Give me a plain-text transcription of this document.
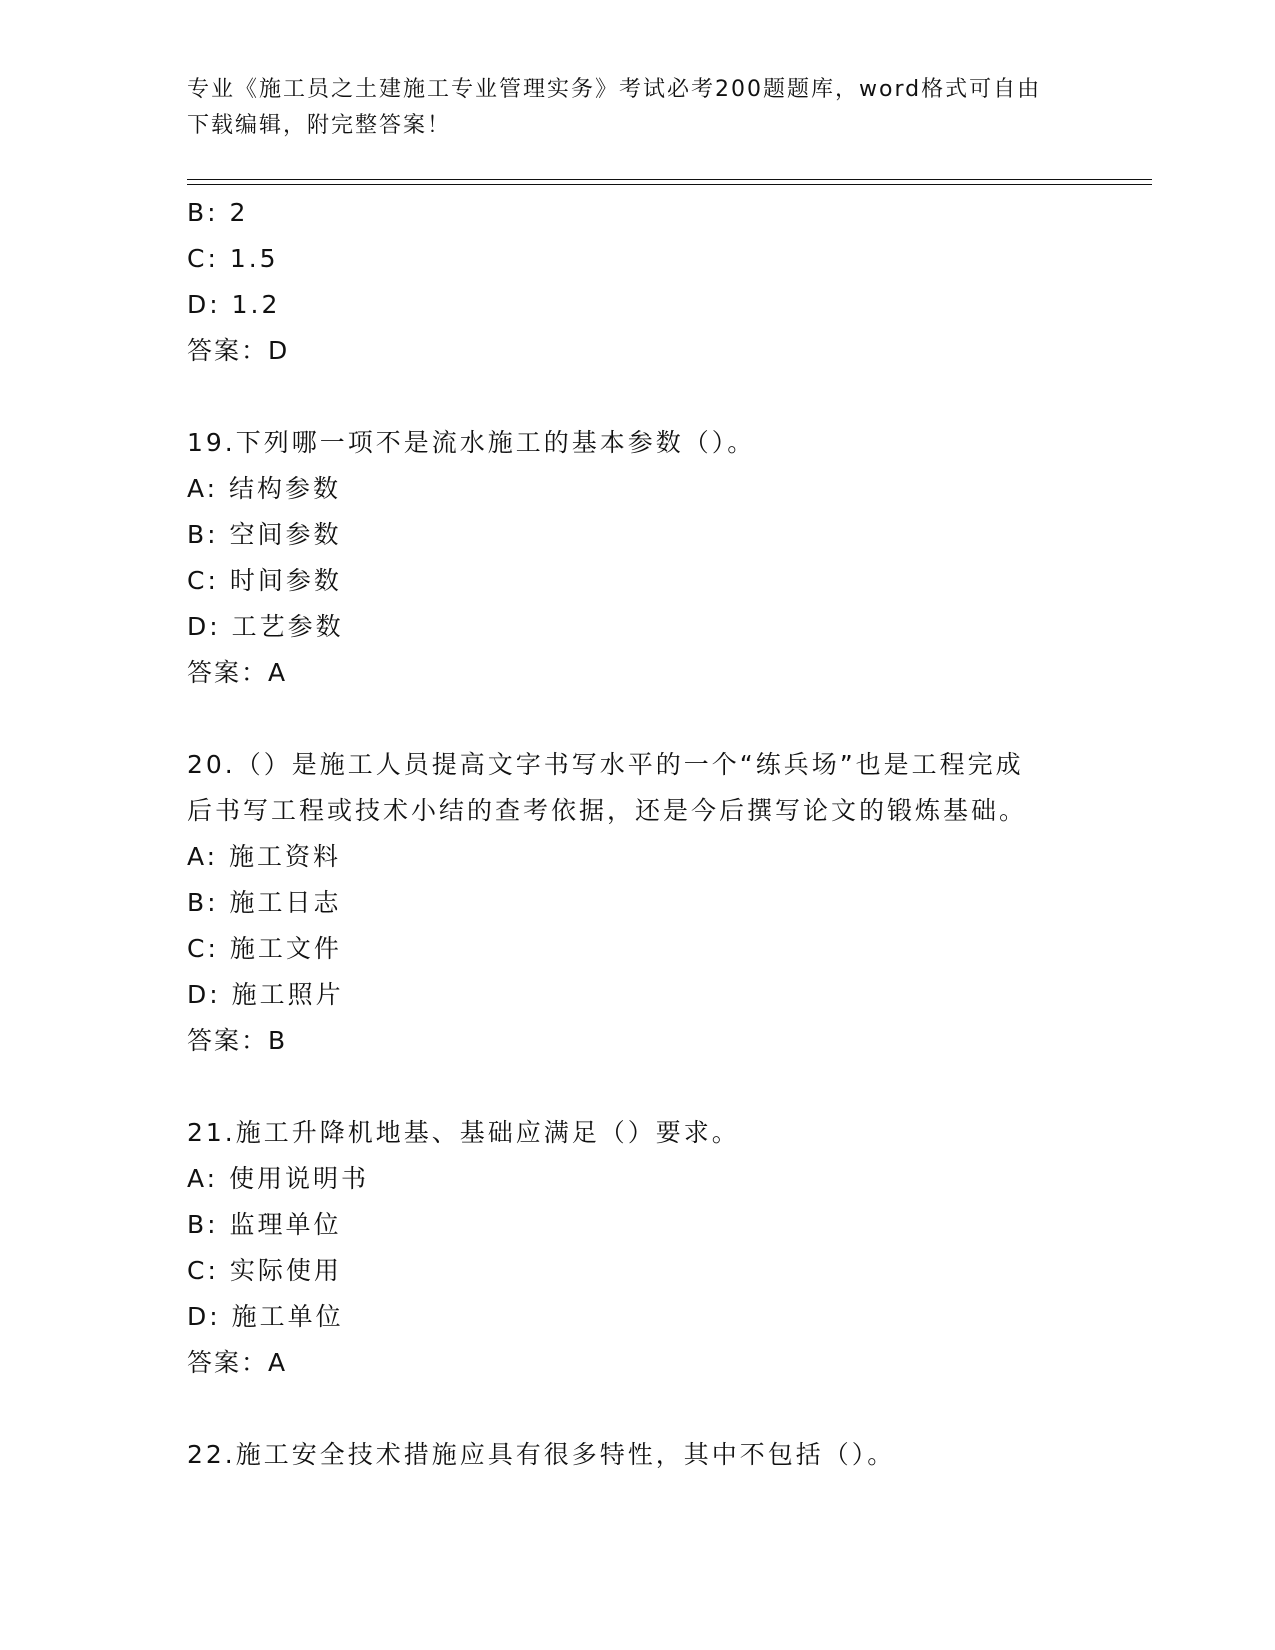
专业《施工员之土建施工专业管理实务》考试必考200题题库，word格式可自由
下载编辑，附完整答案！
B: 2
C: 1.5
D: 1.2
答案：D
19.下列哪一项不是流水施工的基本参数（）。
A: 结构参数
B: 空间参数
C: 时间参数
D: 工艺参数
答案：A
20.（）是施工人员提高文字书写水平的一个“练兵场”也是工程完成
后书写工程或技术小结的查考依据，还是今后撰写论文的锻炼基础。
A: 施工资料
B: 施工日志
C: 施工文件
D: 施工照片
答案：B
21.施工升降机地基、基础应满足（）要求。
A: 使用说明书
B: 监理单位
C: 实际使用
D: 施工单位
答案：A
22.施工安全技术措施应具有很多特性，其中不包括（）。
